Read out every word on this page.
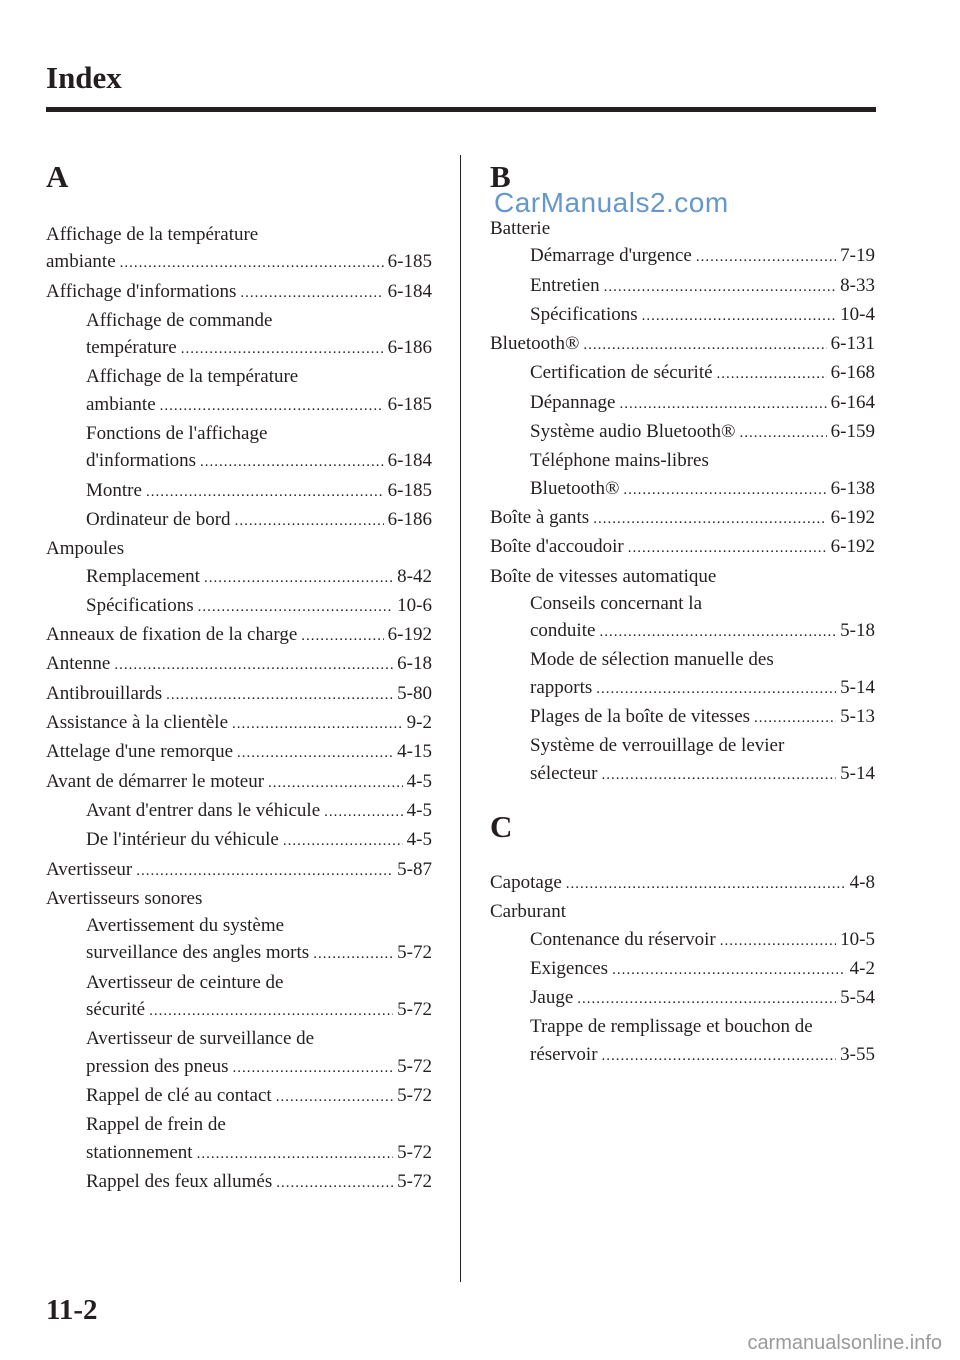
Index
A
Affichage de la température
ambiante .....	6-185
Affichage d'informations .....	6-184
Affichage de commande
température .....	6-186
Affichage de la température
ambiante .....	6-185
Fonctions de l'affichage
d'informations .....	6-184
Montre .....	6-185
Ordinateur de bord .....	6-186
Ampoules
Remplacement .....	8-42
Spécifications .....	10-6
Anneaux de fixation de la charge .....	6-192
Antenne .....	6-18
Antibrouillards .....	5-80
Assistance à la clientèle .....	9-2
Attelage d'une remorque .....	4-15
Avant de démarrer le moteur .....	4-5
Avant d'entrer dans le véhicule .....	4-5
De l'intérieur du véhicule .....	4-5
Avertisseur .....	5-87
Avertisseurs sonores
Avertissement du système
surveillance des angles morts .....	5-72
Avertisseur de ceinture de
sécurité .....	5-72
Avertisseur de surveillance de
pression des pneus .....	5-72
Rappel de clé au contact .....	5-72
Rappel de frein de
stationnement .....	5-72
Rappel des feux allumés .....	5-72
B
Batterie
Démarrage d'urgence .....	7-19
Entretien .....	8-33
Spécifications .....	10-4
Bluetooth® .....	6-131
Certification de sécurité .....	6-168
Dépannage .....	6-164
Système audio Bluetooth® .....	6-159
Téléphone mains-libres
Bluetooth® .....	6-138
Boîte à gants .....	6-192
Boîte d'accoudoir .....	6-192
Boîte de vitesses automatique
Conseils concernant la
conduite .....	5-18
Mode de sélection manuelle des
rapports .....	5-14
Plages de la boîte de vitesses .....	5-13
Système de verrouillage de levier
sélecteur .....	5-14
C
Capotage .....	4-8
Carburant
Contenance du réservoir .....	10-5
Exigences .....	4-2
Jauge .....	5-54
Trappe de remplissage et bouchon de
réservoir .....	3-55
CarManuals2.com
11-2
carmanualsonline.info
